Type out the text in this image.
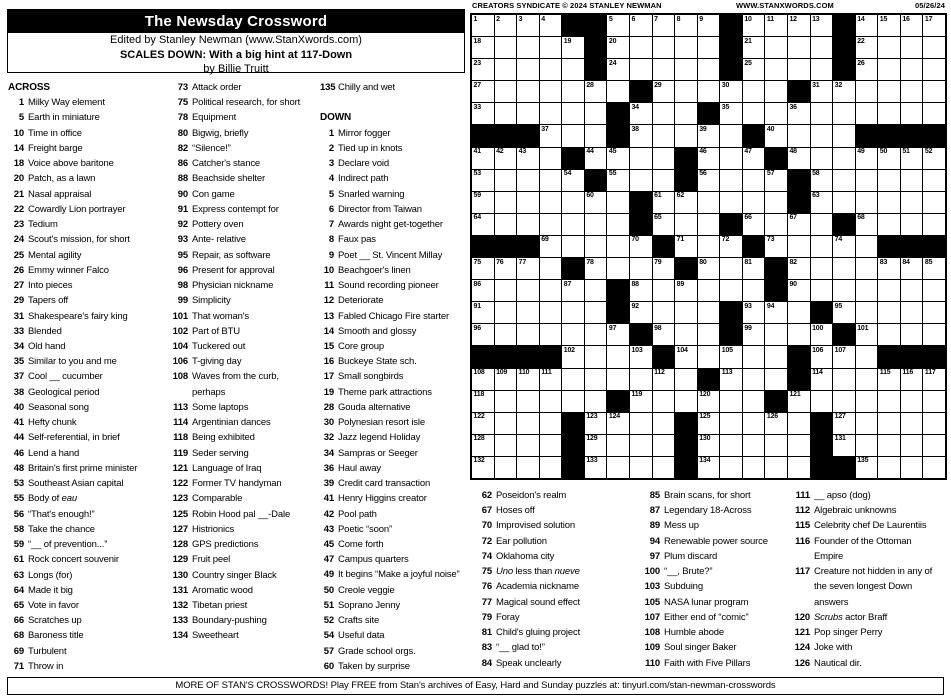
CREATORS SYNDICATE © 2024 STANLEY NEWMAN	WWW.STANXWORDS.COM	05/26/24
The Newsday Crossword
Edited by Stanley Newman (www.StanXwords.com)
SCALES DOWN: With a big hint at 117-Down
by Billie Truitt
1	2	3	4	5	6	7	8	9	10 11 12 13	14 15 16 17
18	19	20	21	22
23	24	25	26
27	28	29	30	31 32
33	34	35	36
37	38	39	40
41 42 43	44 45	46	47	48	49 50 51 52
53	54	55	56	57	58
59	60	61 62	63
64	65	66	67	68
69	70	71	72	73	74
75 76 77	78	79	80	81	82	83 84 85
86	87	88	89	90
91	92	93 94	95
96	97	98	99	100	101
102	103	104	105	106 107
108 109 110 111	112	113	114	115 116 117
118	119	120	121
122	123 124	125	126	127
128	129	130	131
132	133	134	135
ACROSS
1 Milky Way element
5 Earth in miniature
10 Time in office
14 Freight barge
18 Voice above baritone
20 Patch, as a lawn
21 Nasal appraisal
22 Cowardly Lion portrayer
23 Tedium
24 Scout's mission, for short
25 Mental agility
26 Emmy winner Falco
27 Into pieces
29 Tapers off
31 Shakespeare's fairy king
33 Blended
34 Old hand
35 Similar to you and me
37 Cool __ cucumber
38 Geological period
40 Seasonal song
41 Hefty chunk
44 Self-referential, in brief
46 Lend a hand
48 Britain's first prime minister
53 Southeast Asian capital
55 Body of eau
56 “That's enough!”
58 Take the chance
59 “__ of prevention...”
61 Rock concert souvenir
63 Longs (for)
64 Made it big
65 Vote in favor
66 Scratches up
68 Baroness title
69 Turbulent
71 Throw in
73 Attack order
75 Political research, for short
78 Equipment
80 Bigwig, briefly
82 “Silence!”
86 Catcher's stance
88 Beachside shelter
90 Con game
91 Express contempt for
92 Pottery oven
93 Ante- relative
95 Repair, as software
96 Present for approval
98 Physician nickname
99 Simplicity
101 That woman's
102 Part of BTU
104 Tuckered out
106 T-giving day
108 Waves from the curb,
perhaps
113 Some laptops
114 Argentinian dances
118 Being exhibited
119 Seder serving
121 Language of Iraq
122 Former TV handyman
123 Comparable
125 Robin Hood pal __-Dale
127 Histrionics
128 GPS predictions
129 Fruit peel
130 Country singer Black
131 Aromatic wood
132 Tibetan priest
133 Boundary-pushing
134 Sweetheart
135 Chilly and wet
DOWN
1 Mirror fogger
2 Tied up in knots
3 Declare void
4 Indirect path
5 Snarled warning
6 Director from Taiwan
7 Awards night get-together
8 Faux pas
9 Poet __ St. Vincent Millay
10 Beachgoer's linen
11 Sound recording pioneer
12 Deteriorate
13 Fabled Chicago Fire starter
14 Smooth and glossy
15 Core group
16 Buckeye State sch.
17 Small songbirds
19 Theme park attractions
28 Gouda alternative
30 Polynesian resort isle
32 Jazz legend Holiday
34 Sampras or Seeger
36 Haul away
39 Credit card transaction
41 Henry Higgins creator
42 Pool path
43 Poetic “soon”
45 Come forth
47 Campus quarters
49 It begins “Make a joyful noise”
50 Creole veggie
51 Soprano Jenny
52 Crafts site
54 Useful data
57 Grade school orgs.
60 Taken by surprise
62 Poseidon's realm
67 Hoses off
70 Improvised solution
72 Ear pollution
74 Oklahoma city
75 Uno less than nueve
76 Academia nickname
77 Magical sound effect
79 Foray
81 Child's gluing project
83 “__ glad to!”
84 Speak unclearly
85 Brain scans, for short
87 Legendary 18-Across
89 Mess up
94 Renewable power source
97 Plum discard
100 “__, Brute?”
103 Subduing
105 NASA lunar program
107 Either end of “comic”
108 Humble abode
109 Soul singer Baker
110 Faith with Five Pillars
111 __ apso (dog)
112 Algebraic unknowns
115 Celebrity chef De Laurentiis
116 Founder of the Ottoman
Empire
117 Creature not hidden in any of
the seven longest Down
answers
120 Scrubs actor Braff
121 Pop singer Perry
124 Joke with
126 Nautical dir.
MORE OF STAN'S CROSSWORDS! Play FREE from Stan's archives of Easy, Hard and Sunday puzzles at: tinyurl.com/stan-newman-crosswords
